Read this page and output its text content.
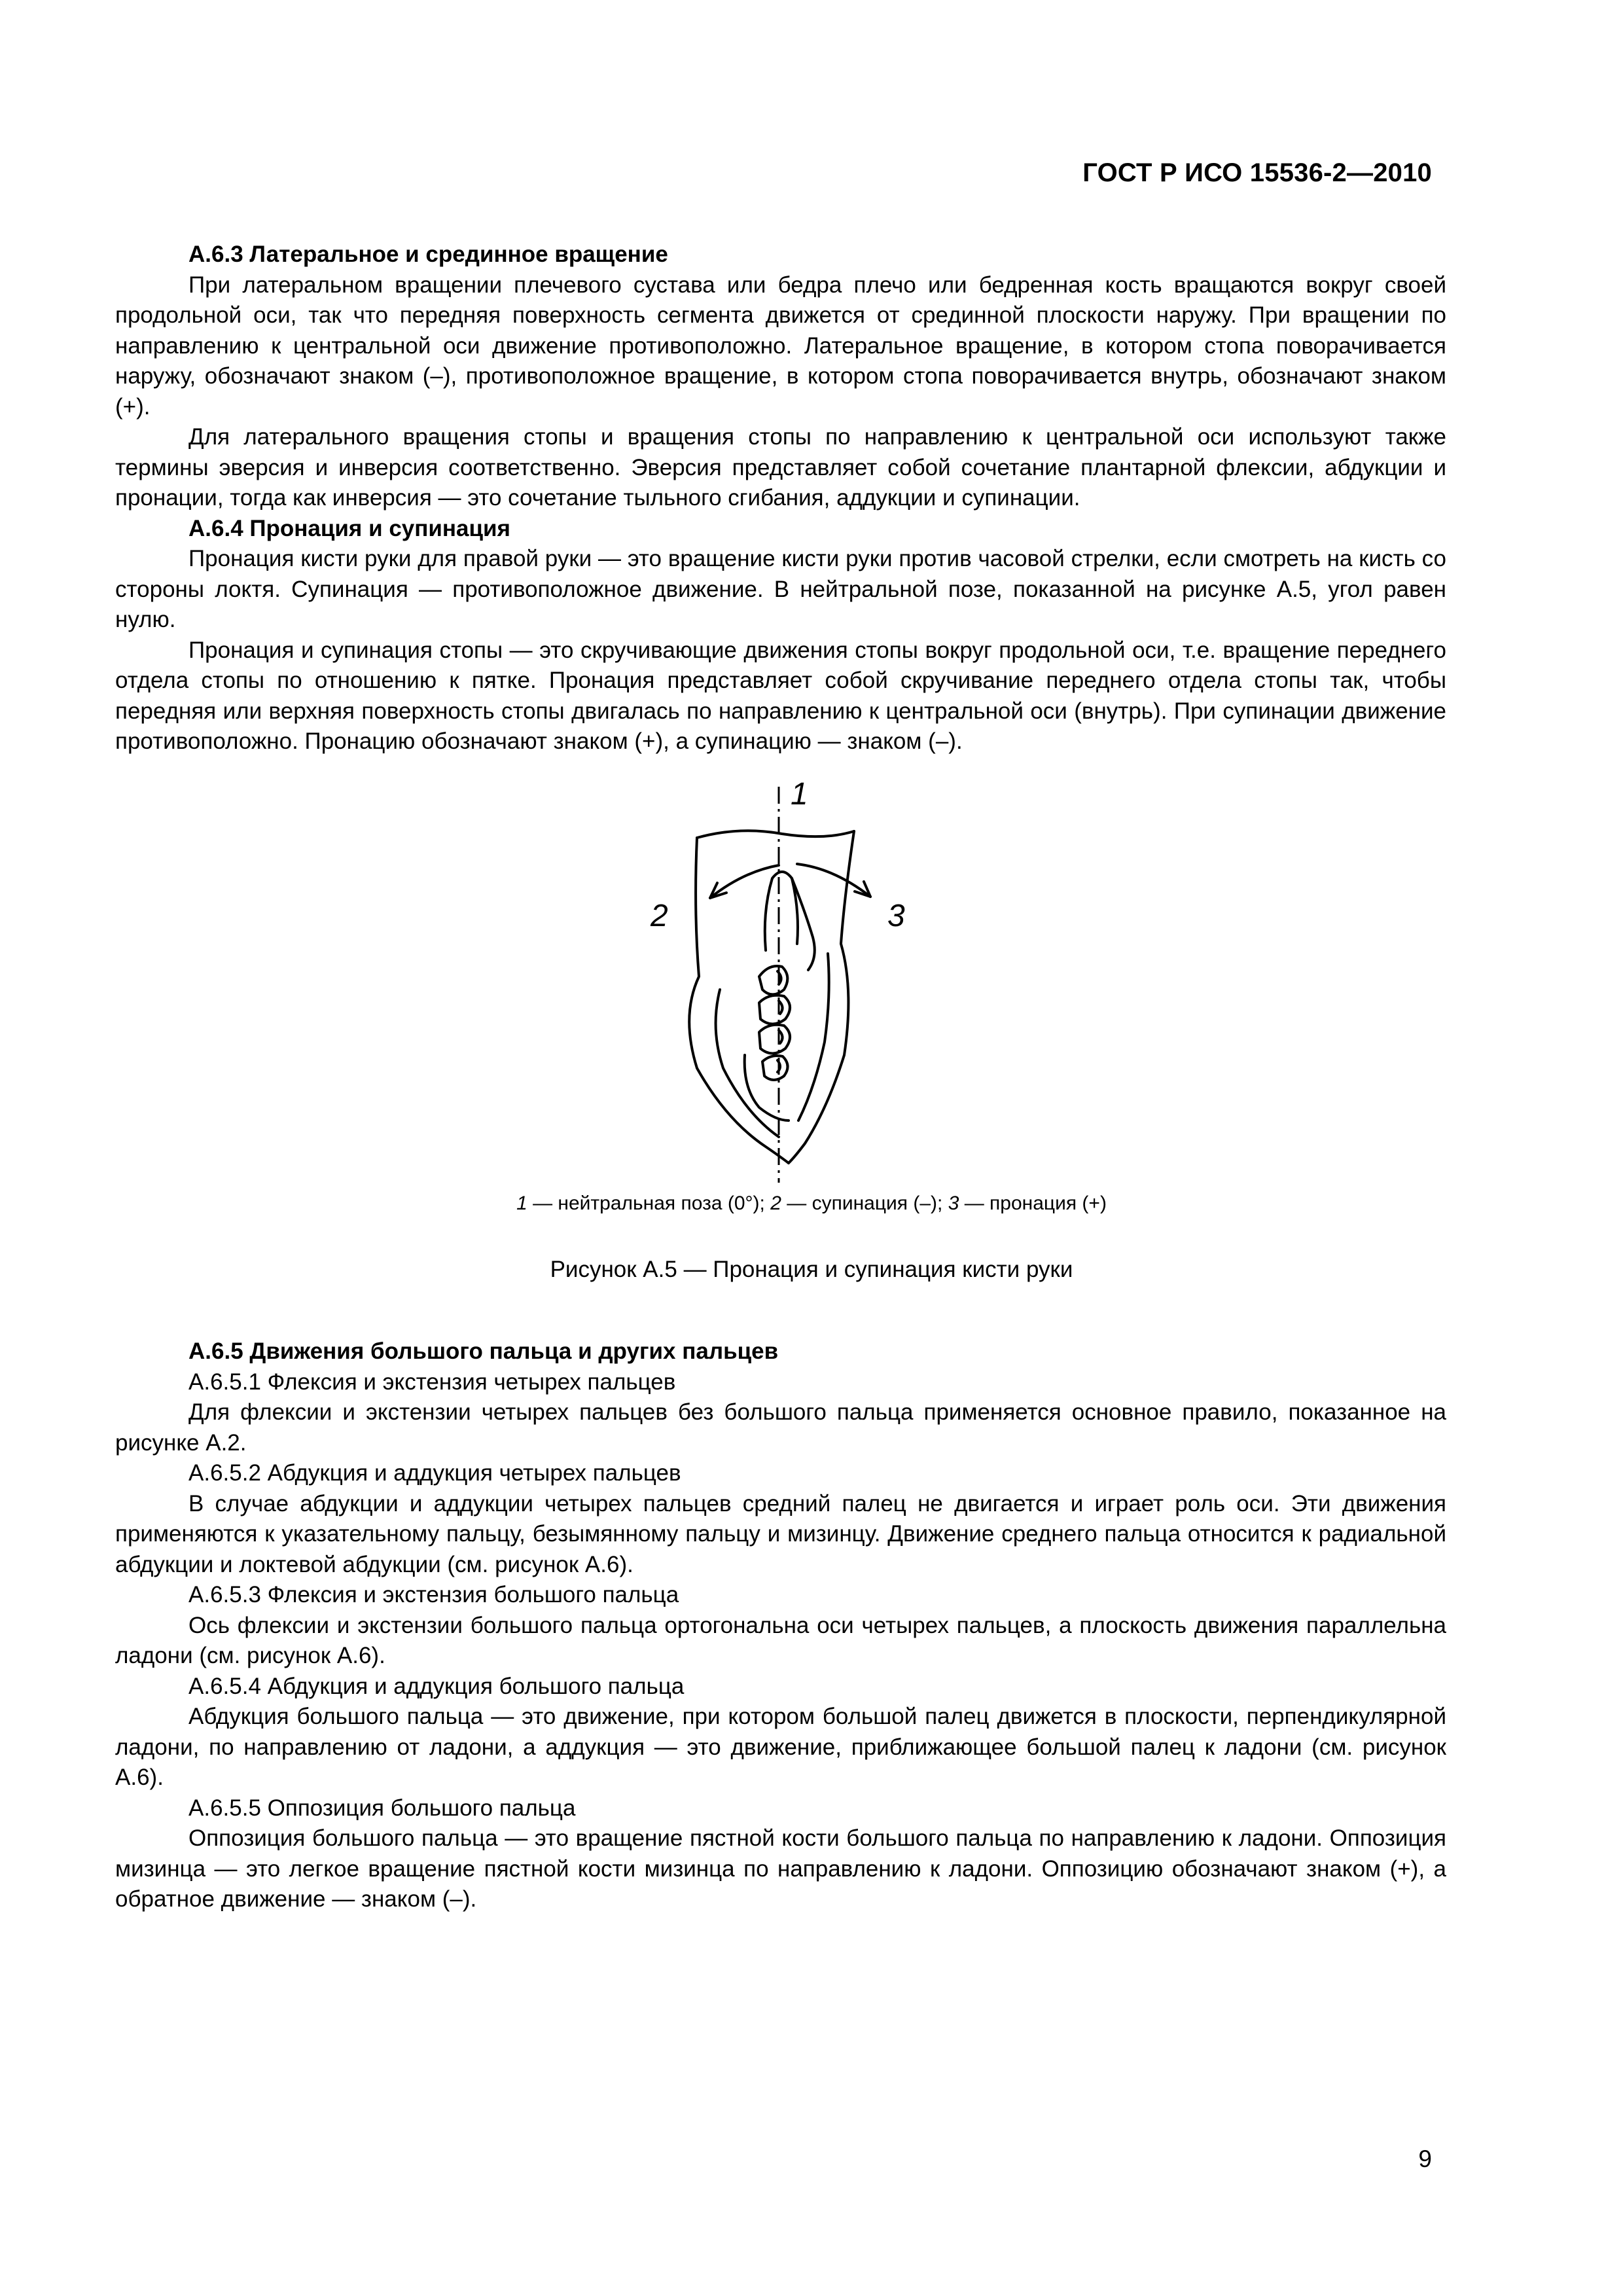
ГОСТ Р ИСО 15536-2—2010

А.6.3 Латеральное и срединное вращение

При латеральном вращении плечевого сустава или бедра плечо или бедренная кость вращаются вокруг своей продольной оси, так что передняя поверхность сегмента движется от срединной плоскости наружу. При вращении по направлению к центральной оси движение противоположно. Латеральное вращение, в котором стопа поворачивается наружу, обозначают знаком (–), противоположное вращение, в котором стопа поворачивается внутрь, обозначают знаком (+).

Для латерального вращения стопы и вращения стопы по направлению к центральной оси используют также термины эверсия и инверсия соответственно. Эверсия представляет собой сочетание плантарной флексии, абдукции и пронации, тогда как инверсия — это сочетание тыльного сгибания, аддукции и супинации.

А.6.4 Пронация и супинация

Пронация кисти руки для правой руки — это вращение кисти руки против часовой стрелки, если смотреть на кисть со стороны локтя. Супинация — противоположное движение. В нейтральной позе, показанной на рисунке А.5, угол равен нулю.

Пронация и супинация стопы — это скручивающие движения стопы вокруг продольной оси, т.е. вращение переднего отдела стопы по отношению к пятке. Пронация представляет собой скручивание переднего отдела стопы так, чтобы передняя или верхняя поверхность стопы двигалась по направлению к центральной оси (внутрь). При супинации движение противоположно. Пронацию обозначают знаком (+), а супинацию — знаком (–).

1
2	3
1 — нейтральная поза (0°); 2 — супинация (–); 3 — пронация (+)
Рисунок А.5 — Пронация и супинация кисти руки

А.6.5 Движения большого пальца и других пальцев

А.6.5.1 Флексия и экстензия четырех пальцев

Для флексии и экстензии четырех пальцев без большого пальца применяется основное правило, показанное на рисунке А.2.

А.6.5.2 Абдукция и аддукция четырех пальцев

В случае абдукции и аддукции четырех пальцев средний палец не двигается и играет роль оси. Эти движения применяются к указательному пальцу, безымянному пальцу и мизинцу. Движение среднего пальца относится к радиальной абдукции и локтевой абдукции (см. рисунок А.6).

А.6.5.3 Флексия и экстензия большого пальца

Ось флексии и экстензии большого пальца ортогональна оси четырех пальцев, а плоскость движения параллельна ладони (см. рисунок А.6).

А.6.5.4 Абдукция и аддукция большого пальца

Абдукция большого пальца — это движение, при котором большой палец движется в плоскости, перпендикулярной ладони, по направлению от ладони, а аддукция — это движение, приближающее большой палец к ладони (см. рисунок А.6).

А.6.5.5 Оппозиция большого пальца

Оппозиция большого пальца — это вращение пястной кости большого пальца по направлению к ладони. Оппозиция мизинца — это легкое вращение пястной кости мизинца по направлению к ладони. Оппозицию обозначают знаком (+), а обратное движение — знаком (–).

9
